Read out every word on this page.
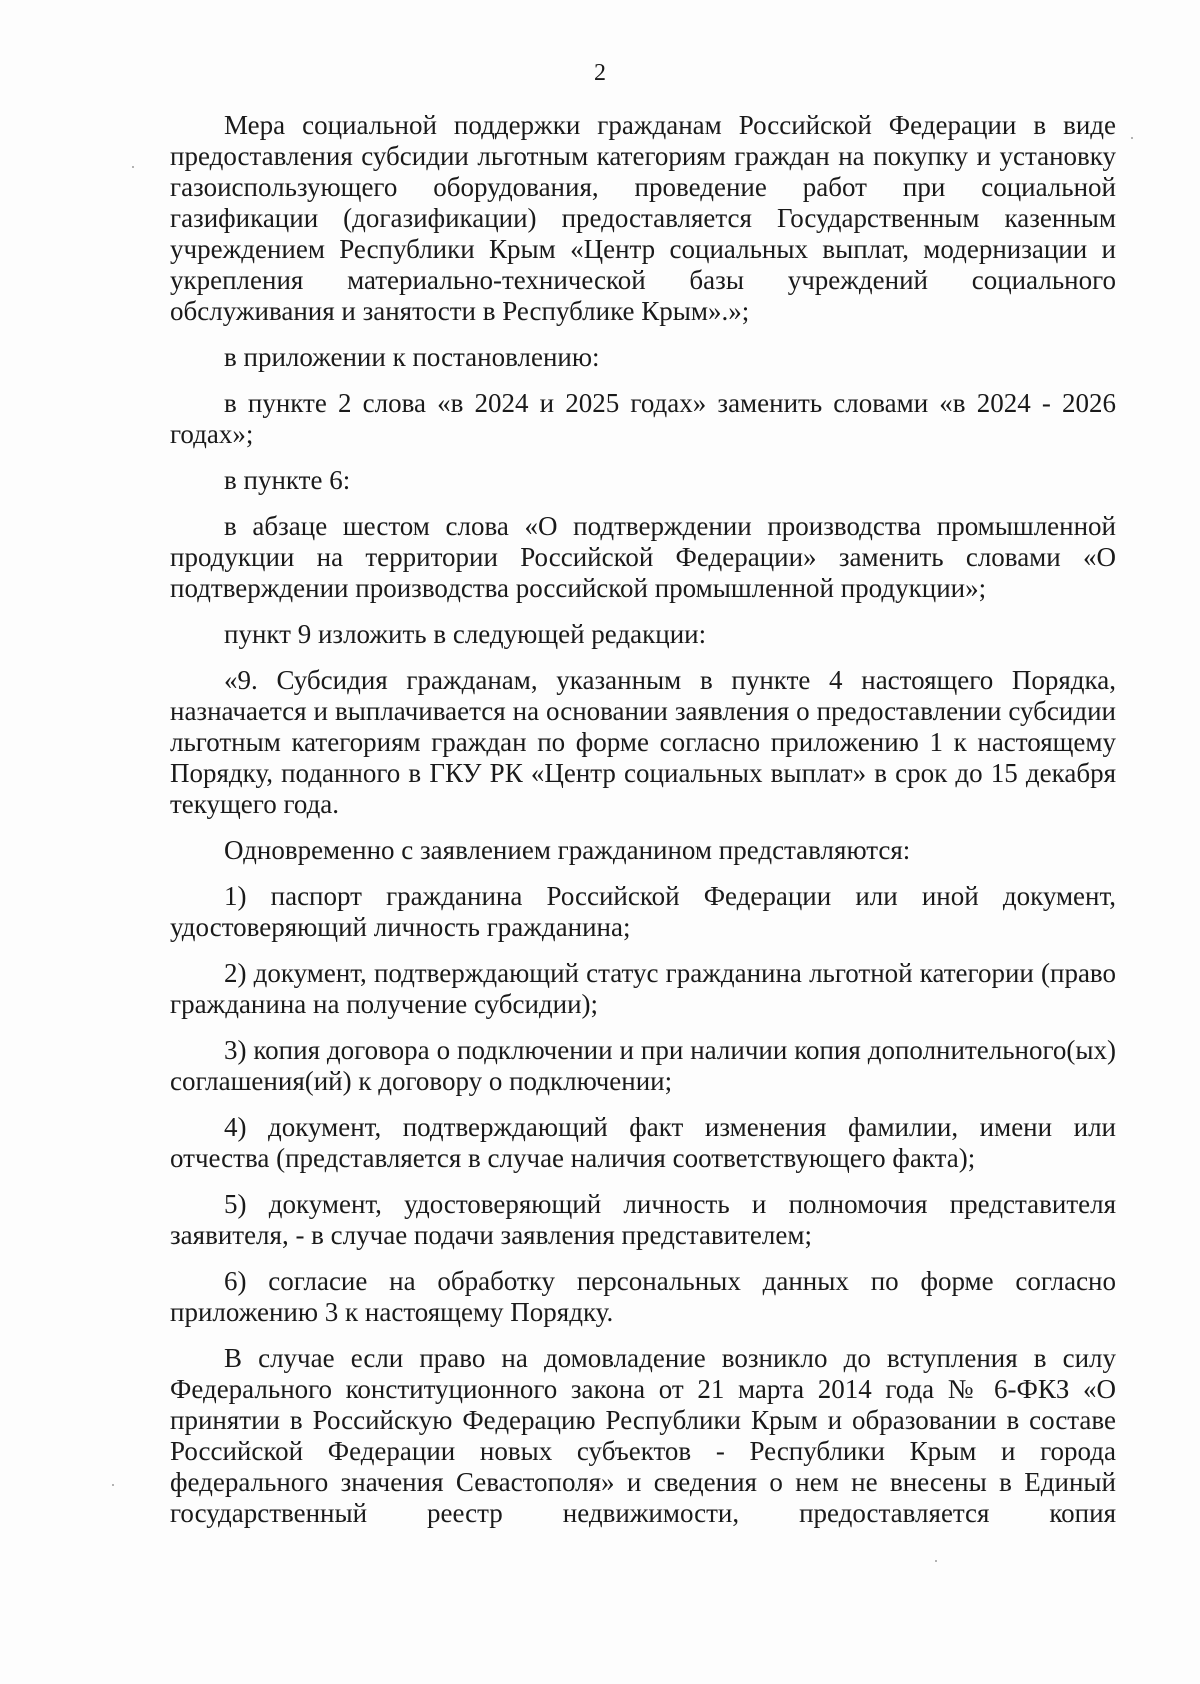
2

Мера социальной поддержки гражданам Российской Федерации в виде предоставления субсидии льготным категориям граждан на покупку и установку газоиспользующего оборудования, проведение работ при социальной газификации (догазификации) предоставляется Государственным казенным учреждением Республики Крым «Центр социальных выплат, модернизации и укрепления материально-технической базы учреждений социального обслуживания и занятости в Республике Крым».»;

в приложении к постановлению:

в пункте 2 слова «в 2024 и 2025 годах» заменить словами «в 2024 - 2026 годах»;

в пункте 6:

в абзаце шестом слова «О подтверждении производства промышленной продукции на территории Российской Федерации» заменить словами «О подтверждении производства российской промышленной продукции»;

пункт 9 изложить в следующей редакции:

«9. Субсидия гражданам, указанным в пункте 4 настоящего Порядка, назначается и выплачивается на основании заявления о предоставлении субсидии льготным категориям граждан по форме согласно приложению 1 к настоящему Порядку, поданного в ГКУ РК «Центр социальных выплат» в срок до 15 декабря текущего года.

Одновременно с заявлением гражданином представляются:

1) паспорт гражданина Российской Федерации или иной документ, удостоверяющий личность гражданина;

2) документ, подтверждающий статус гражданина льготной категории (право гражданина на получение субсидии);

3) копия договора о подключении и при наличии копия дополнительного(ых) соглашения(ий) к договору о подключении;

4) документ, подтверждающий факт изменения фамилии, имени или отчества (представляется в случае наличия соответствующего факта);

5) документ, удостоверяющий личность и полномочия представителя заявителя, - в случае подачи заявления представителем;

6) согласие на обработку персональных данных по форме согласно приложению 3 к настоящему Порядку.

В случае если право на домовладение возникло до вступления в силу Федерального конституционного закона от 21 марта 2014 года № 6-ФКЗ «О принятии в Российскую Федерацию Республики Крым и образовании в составе Российской Федерации новых субъектов - Республики Крым и города федерального значения Севастополя» и сведения о нем не внесены в Единый государственный реестр недвижимости, предоставляется копия
